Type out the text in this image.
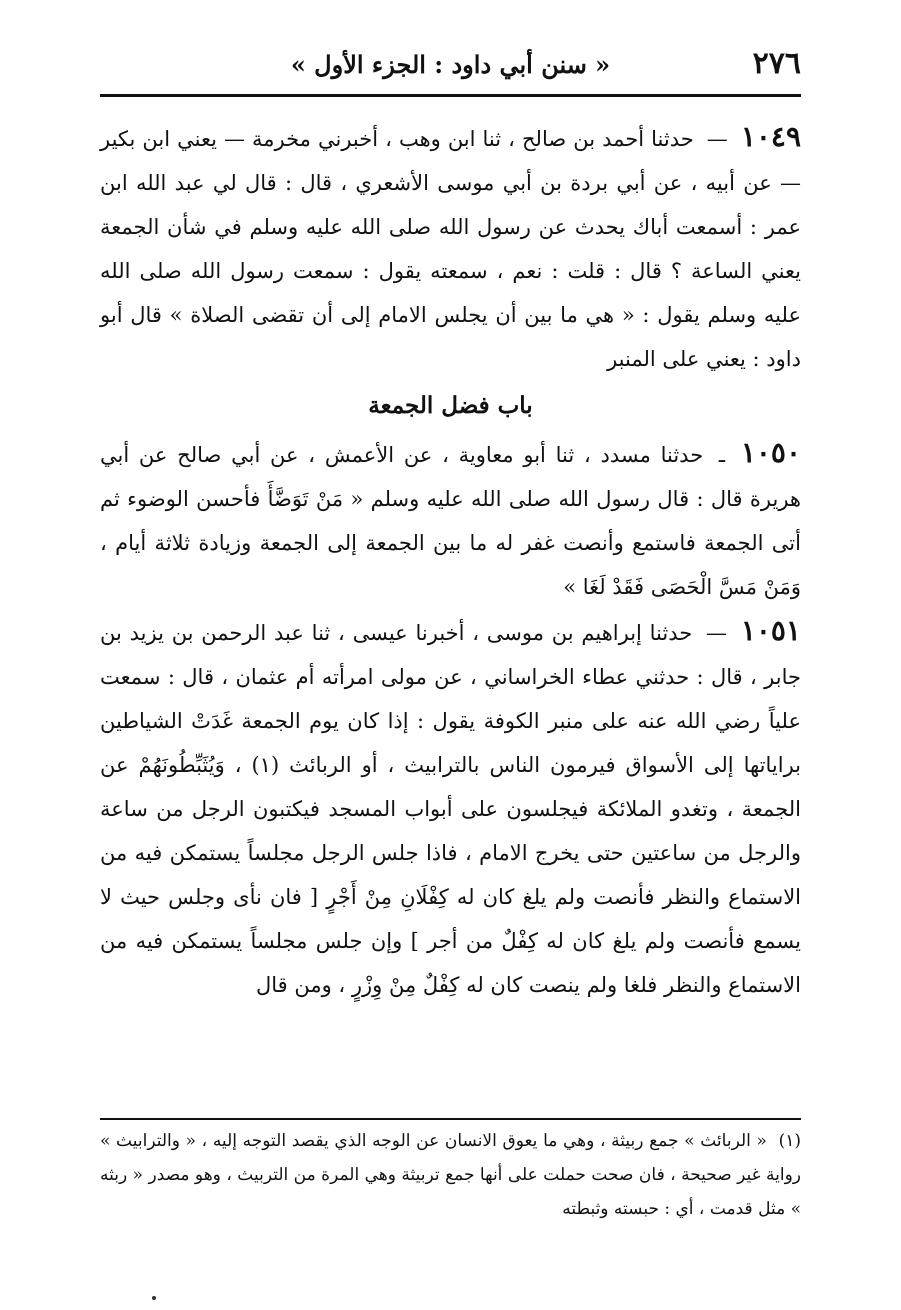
٢٧٦
« سنن أبي داود : الجزء الأول »

١٠٤٩ — حدثنا أحمد بن صالح ، ثنا ابن وهب ، أخبرني مخرمة — يعني ابن بكير — عن أبيه ، عن أبي بردة بن أبي موسى الأشعري ، قال : قال لي عبد الله ابن عمر : أسمعت أباك يحدث عن رسول الله صلى الله عليه وسلم في شأن الجمعة يعني الساعة ؟ قال : قلت : نعم ، سمعته يقول : سمعت رسول الله صلى الله عليه وسلم يقول : « هي ما بين أن يجلس الامام إلى أن تقضى الصلاة » قال أبو داود : يعني على المنبر

باب فضل الجمعة

١٠٥٠ ـ حدثنا مسدد ، ثنا أبو معاوية ، عن الأعمش ، عن أبي صالح عن أبي هريرة قال : قال رسول الله صلى الله عليه وسلم « مَنْ تَوَضَّأَ فأحسن الوضوء ثم أتى الجمعة فاستمع وأنصت غفر له ما بين الجمعة إلى الجمعة وزيادة ثلاثة أيام ، وَمَنْ مَسَّ الْحَصَى فَقَدْ لَغَا »

١٠٥١ — حدثنا إبراهيم بن موسى ، أخبرنا عيسى ، ثنا عبد الرحمن بن يزيد بن جابر ، قال : حدثني عطاء الخراساني ، عن مولى امرأته أم عثمان ، قال : سمعت علياً رضي الله عنه على منبر الكوفة يقول : إذا كان يوم الجمعة غَدَتْ الشياطين براياتها إلى الأسواق فيرمون الناس بالترابيث ، أو الربائث (١) ، وَيُثَبِّطُونَهُمْ عن الجمعة ، وتغدو الملائكة فيجلسون على أبواب المسجد فيكتبون الرجل من ساعة والرجل من ساعتين حتى يخرج الامام ، فاذا جلس الرجل مجلساً يستمكن فيه من الاستماع والنظر فأنصت ولم يلغ كان له كِفْلَانِ مِنْ أَجْرٍ [ فان نأى وجلس حيث لا يسمع فأنصت ولم يلغ كان له كِفْلٌ من أجر ] وإن جلس مجلساً يستمكن فيه من الاستماع والنظر فلغا ولم ينصت كان له كِفْلٌ مِنْ وِزْرٍ ، ومن قال

(١) « الربائث » جمع ربيثة ، وهي ما يعوق الانسان عن الوجه الذي يقصد التوجه إليه ، « والترابيث » رواية غير صحيحة ، فان صحت حملت على أنها جمع تربيثة وهي المرة من التربيث ، وهو مصدر « ربثه » مثل قدمت ، أي : حبسته وثبطته
